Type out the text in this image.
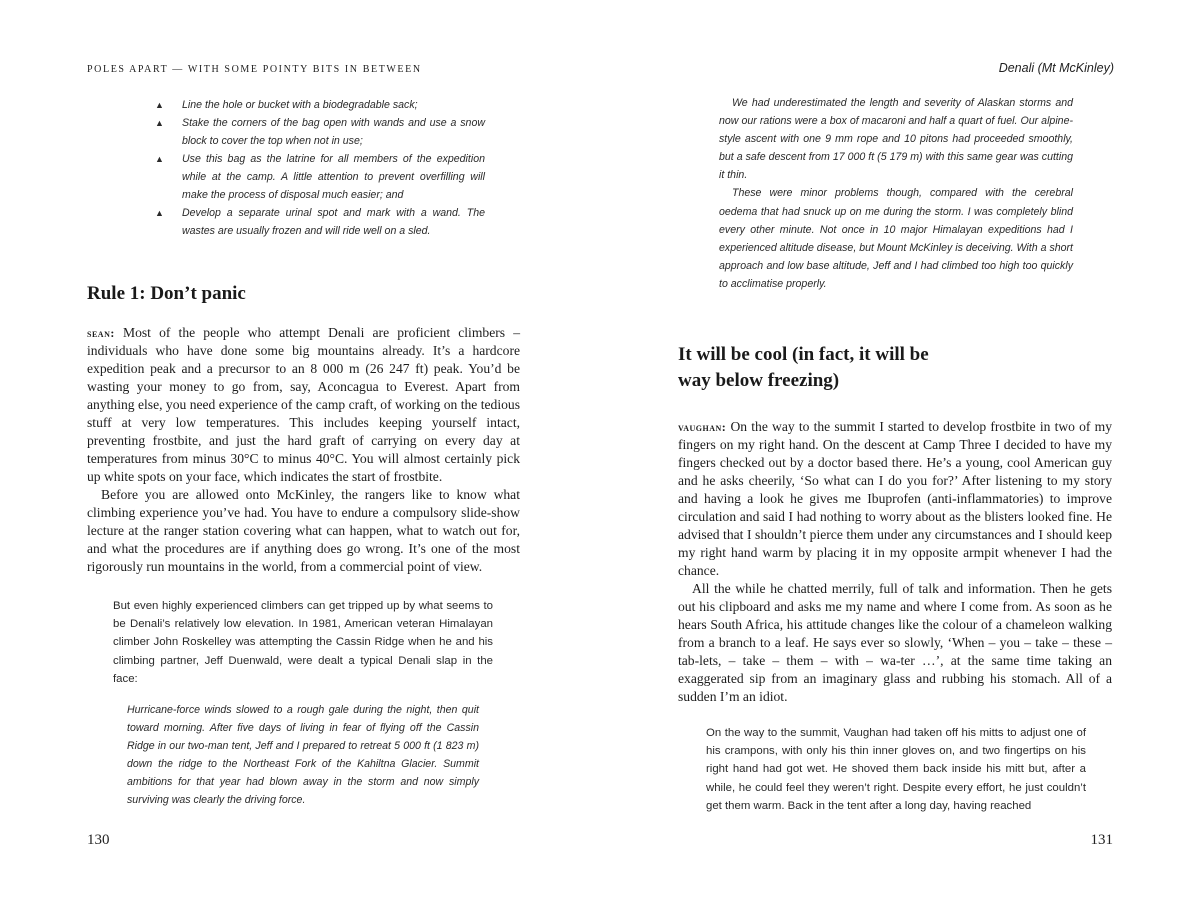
POLES APART — WITH SOME POINTY BITS IN BETWEEN
▲ Line the hole or bucket with a biodegradable sack;
▲ Stake the corners of the bag open with wands and use a snow block to cover the top when not in use;
▲ Use this bag as the latrine for all members of the expedition while at the camp. A little attention to prevent overfilling will make the process of disposal much easier; and
▲ Develop a separate urinal spot and mark with a wand. The wastes are usually frozen and will ride well on a sled.
Rule 1: Don’t panic

sean: Most of the people who attempt Denali are proficient climbers – individuals who have done some big mountains already. It’s a hardcore expedition peak and a precursor to an 8 000 m (26 247 ft) peak. You’d be wasting your money to go from, say, Aconcagua to Everest. Apart from anything else, you need experience of the camp craft, of working on the tedious stuff at very low temperatures. This includes keeping yourself intact, preventing frostbite, and just the hard graft of carrying on every day at temperatures from minus 30°C to minus 40°C. You will almost certainly pick up white spots on your face, which indicates the start of frostbite.

Before you are allowed onto McKinley, the rangers like to know what climbing experience you’ve had. You have to endure a compulsory slide-show lecture at the ranger station covering what can happen, what to watch out for, and what the procedures are if anything does go wrong. It’s one of the most rigorously run mountains in the world, from a commercial point of view.

But even highly experienced climbers can get tripped up by what seems to be Denali’s relatively low elevation. In 1981, American veteran Himalayan climber John Roskelley was attempting the Cassin Ridge when he and his climbing partner, Jeff Duenwald, were dealt a typical Denali slap in the face:

Hurricane-force winds slowed to a rough gale during the night, then quit toward morning. After five days of living in fear of flying off the Cassin Ridge in our two-man tent, Jeff and I prepared to retreat 5 000 ft (1 823 m) down the ridge to the Northeast Fork of the Kahiltna Glacier. Summit ambitions for that year had blown away in the storm and now simply surviving was clearly the driving force.

130
Denali (Mt McKinley)

We had underestimated the length and severity of Alaskan storms and now our rations were a box of macaroni and half a quart of fuel. Our alpine-style ascent with one 9 mm rope and 10 pitons had proceeded smoothly, but a safe descent from 17 000 ft (5 179 m) with this same gear was cutting it thin.

These were minor problems though, compared with the cerebral oedema that had snuck up on me during the storm. I was completely blind every other minute. Not once in 10 major Himalayan expeditions had I experienced altitude disease, but Mount McKinley is deceiving. With a short approach and low base altitude, Jeff and I had climbed too high too quickly to acclimatise properly.

It will be cool (in fact, it will be
way below freezing)

vaughan: On the way to the summit I started to develop frostbite in two of my fingers on my right hand. On the descent at Camp Three I decided to have my fingers checked out by a doctor based there. He’s a young, cool American guy and he asks cheerily, ‘So what can I do you for?’ After listening to my story and having a look he gives me Ibuprofen (anti-inflammatories) to improve circulation and said I had nothing to worry about as the blisters looked fine. He advised that I shouldn’t pierce them under any circumstances and I should keep my right hand warm by placing it in my opposite armpit whenever I had the chance.

All the while he chatted merrily, full of talk and information. Then he gets out his clipboard and asks me my name and where I come from. As soon as he hears South Africa, his attitude changes like the colour of a chameleon walking from a branch to a leaf. He says ever so slowly, ‘When – you – take – these – tab-lets, – take – them – with – wa-ter …’, at the same time taking an exaggerated sip from an imaginary glass and rubbing his stomach. All of a sudden I’m an idiot.

On the way to the summit, Vaughan had taken off his mitts to adjust one of his crampons, with only his thin inner gloves on, and two fingertips on his right hand had got wet. He shoved them back inside his mitt but, after a while, he could feel they weren’t right. Despite every effort, he just couldn’t get them warm. Back in the tent after a long day, having reached

131
